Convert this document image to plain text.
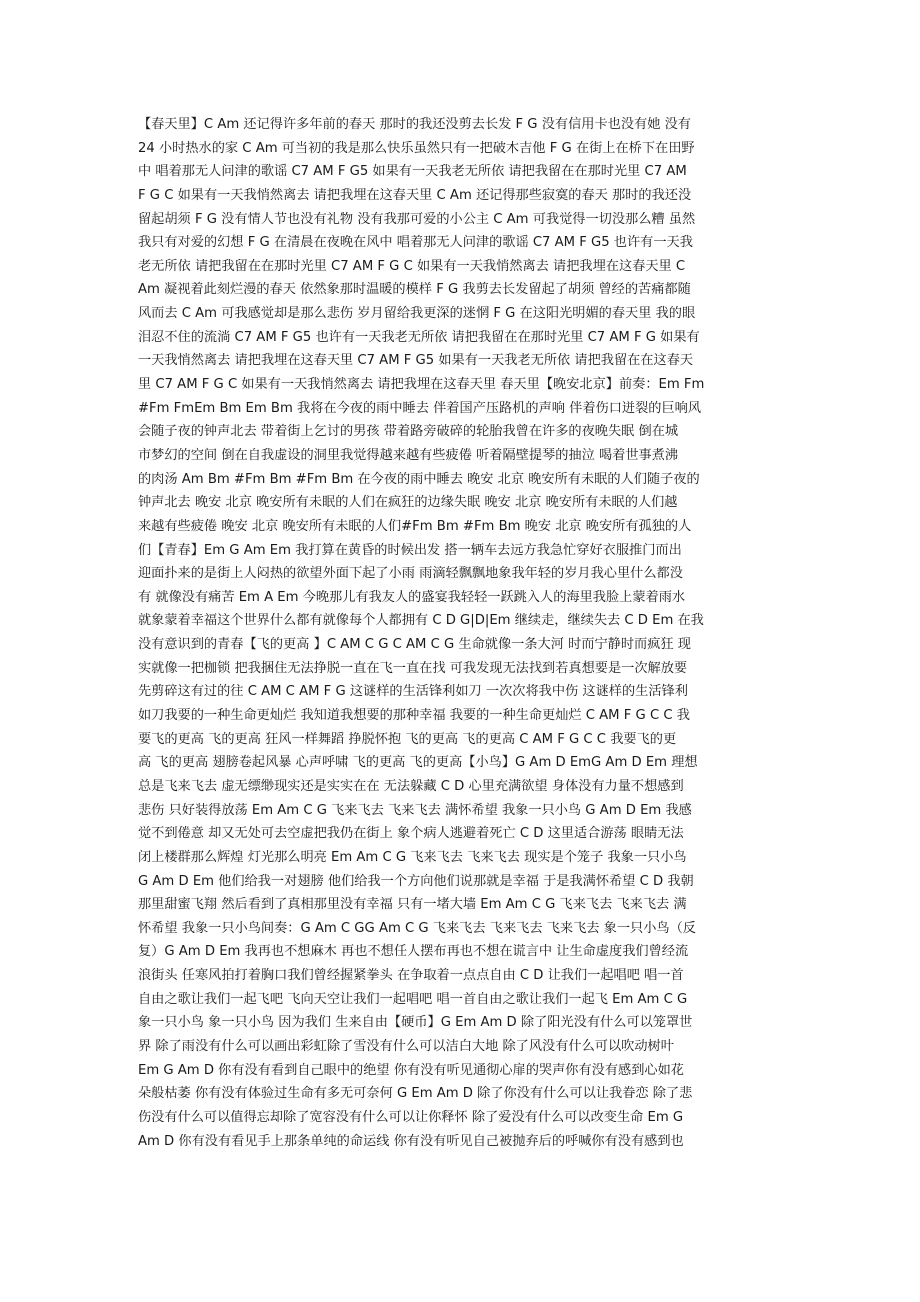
【春天里】C Am 还记得许多年前的春天 那时的我还没剪去长发 F G 没有信用卡也没有她 没有
24 小时热水的家 C Am 可当初的我是那么快乐虽然只有一把破木吉他 F G 在街上在桥下在田野
中 唱着那无人问津的歌谣 C7 AM F G5 如果有一天我老无所依 请把我留在在那时光里 C7 AM
F G C 如果有一天我悄然离去 请把我埋在这春天里 C Am 还记得那些寂寞的春天 那时的我还没
留起胡须 F G 没有情人节也没有礼物 没有我那可爱的小公主 C Am 可我觉得一切没那么糟 虽然
我只有对爱的幻想 F G 在清晨在夜晚在风中 唱着那无人问津的歌谣 C7 AM F G5 也许有一天我
老无所依 请把我留在在那时光里 C7 AM F G C 如果有一天我悄然离去 请把我埋在这春天里 C
Am 凝视着此刻烂漫的春天 依然象那时温暖的模样 F G 我剪去长发留起了胡须 曾经的苦痛都随
风而去 C Am 可我感觉却是那么悲伤 岁月留给我更深的迷惘 F G 在这阳光明媚的春天里 我的眼
泪忍不住的流淌 C7 AM F G5 也许有一天我老无所依 请把我留在在那时光里 C7 AM F G 如果有
一天我悄然离去 请把我埋在这春天里 C7 AM F G5 如果有一天我老无所依 请把我留在在这春天
里 C7 AM F G C 如果有一天我悄然离去 请把我埋在这春天里 春天里【晚安北京】前奏：Em Fm
#Fm FmEm Bm Em Bm 我将在今夜的雨中睡去 伴着国产压路机的声响 伴着伤口迸裂的巨响风
会随子夜的钟声北去 带着街上乞讨的男孩 带着路旁破碎的轮胎我曾在许多的夜晚失眠 倒在城
市梦幻的空间 倒在自我虚设的洞里我觉得越来越有些疲倦 听着隔壁提琴的抽泣 喝着世事煮沸
的肉汤 Am Bm #Fm Bm #Fm Bm 在今夜的雨中睡去 晚安 北京 晚安所有未眠的人们随子夜的
钟声北去 晚安 北京 晚安所有未眠的人们在疯狂的边缘失眠 晚安 北京 晚安所有未眠的人们越
来越有些疲倦 晚安 北京 晚安所有未眠的人们#Fm Bm #Fm Bm 晚安 北京 晚安所有孤独的人
们【青春】Em G Am Em 我打算在黄昏的时候出发 搭一辆车去远方我急忙穿好衣服推门而出
迎面扑来的是街上人闷热的欲望外面下起了小雨 雨滴轻飘飘地象我年轻的岁月我心里什么都没
有 就像没有痛苦 Em A Em 今晚那儿有我友人的盛宴我轻轻一跃跳入人的海里我脸上蒙着雨水
就象蒙着幸福这个世界什么都有就像每个人都拥有 C D G|D|Em 继续走，继续失去 C D Em 在我
没有意识到的青春【飞的更高 】C AM C G C AM C G 生命就像一条大河 时而宁静时而疯狂 现
实就像一把枷锁 把我捆住无法挣脱一直在飞一直在找 可我发现无法找到若真想要是一次解放要
先剪碎这有过的往 C AM C AM F G 这谜样的生活锋利如刀 一次次将我中伤 这谜样的生活锋利
如刀我要的一种生命更灿烂 我知道我想要的那种幸福 我要的一种生命更灿烂 C AM F G C C 我
要飞的更高 飞的更高 狂风一样舞蹈 挣脱怀抱 飞的更高 飞的更高 C AM F G C C 我要飞的更
高 飞的更高 翅膀卷起风暴 心声呼啸 飞的更高 飞的更高【小鸟】G Am D EmG Am D Em 理想
总是飞来飞去 虚无缥缈现实还是实实在在 无法躲藏 C D 心里充满欲望 身体没有力量不想感到
悲伤 只好装得放荡 Em Am C G 飞来飞去 飞来飞去 满怀希望 我象一只小鸟 G Am D Em 我感
觉不到倦意 却又无处可去空虚把我仍在街上 象个病人逃避着死亡 C D 这里适合游荡 眼睛无法
闭上楼群那么辉煌 灯光那么明亮 Em Am C G 飞来飞去 飞来飞去 现实是个笼子 我象一只小鸟
G Am D Em 他们给我一对翅膀 他们给我一个方向他们说那就是幸福 于是我满怀希望 C D 我朝
那里甜蜜飞翔 然后看到了真相那里没有幸福 只有一堵大墙 Em Am C G 飞来飞去 飞来飞去 满
怀希望 我象一只小鸟间奏：G Am C GG Am C G 飞来飞去 飞来飞去 飞来飞去 象一只小鸟（反
复）G Am D Em 我再也不想麻木 再也不想任人摆布再也不想在谎言中 让生命虚度我们曾经流
浪街头 任寒风拍打着胸口我们曾经握紧拳头 在争取着一点点自由 C D 让我们一起唱吧 唱一首
自由之歌让我们一起飞吧 飞向天空让我们一起唱吧 唱一首自由之歌让我们一起飞 Em Am C G
象一只小鸟 象一只小鸟 因为我们 生来自由【硬币】G Em Am D 除了阳光没有什么可以笼罩世
界 除了雨没有什么可以画出彩虹除了雪没有什么可以洁白大地 除了风没有什么可以吹动树叶
Em G Am D 你有没有看到自己眼中的绝望 你有没有听见通彻心扉的哭声你有没有感到心如花
朵般枯萎 你有没有体验过生命有多无可奈何 G Em Am D 除了你没有什么可以让我眷恋 除了悲
伤没有什么可以值得忘却除了宽容没有什么可以让你释怀 除了爱没有什么可以改变生命 Em G
Am D 你有没有看见手上那条单纯的命运线 你有没有听见自己被抛弃后的呼喊你有没有感到也
